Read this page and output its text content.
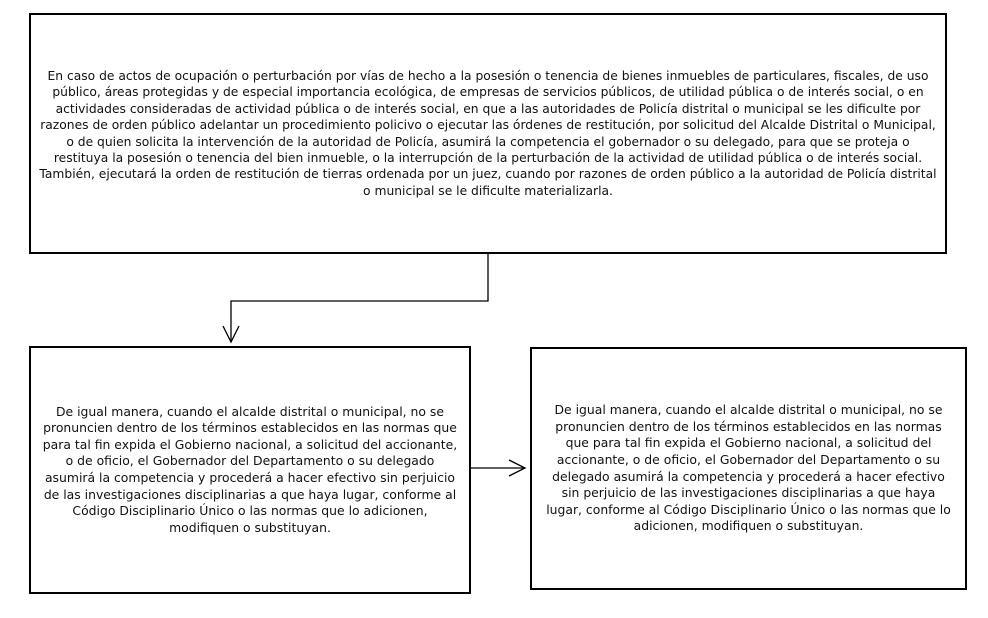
En caso de actos de ocupación o perturbación por vías de hecho a la posesión o tenencia de bienes inmuebles de particulares, fiscales, de uso público, áreas protegidas y de especial importancia ecológica, de empresas de servicios públicos, de utilidad pública o de interés social, o en actividades consideradas de actividad pública o de interés social, en que a las autoridades de Policía distrital o municipal se les dificulte por razones de orden público adelantar un procedimiento policivo o ejecutar las órdenes de restitución, por solicitud del Alcalde Distrital o Municipal, o de quien solicita la intervención de la autoridad de Policía, asumirá la competencia el gobernador o su delegado, para que se proteja o restituya la posesión o tenencia del bien inmueble, o la interrupción de la perturbación de la actividad de utilidad pública o de interés social. También, ejecutará la orden de restitución de tierras ordenada por un juez, cuando por razones de orden público a la autoridad de Policía distrital o municipal se le dificulte materializarla.

De igual manera, cuando el alcalde distrital o municipal, no se pronuncien dentro de los términos establecidos en las normas que para tal fin expida el Gobierno nacional, a solicitud del accionante, o de oficio, el Gobernador del Departamento o su delegado asumirá la competencia y procederá a hacer efectivo sin perjuicio de las investigaciones disciplinarias a que haya lugar, conforme al Código Disciplinario Único o las normas que lo adicionen, modifiquen o substituyan.

De igual manera, cuando el alcalde distrital o municipal, no se pronuncien dentro de los términos establecidos en las normas que para tal fin expida el Gobierno nacional, a solicitud del accionante, o de oficio, el Gobernador del Departamento o su delegado asumirá la competencia y procederá a hacer efectivo sin perjuicio de las investigaciones disciplinarias a que haya lugar, conforme al Código Disciplinario Único o las normas que lo adicionen, modifiquen o substituyan.
